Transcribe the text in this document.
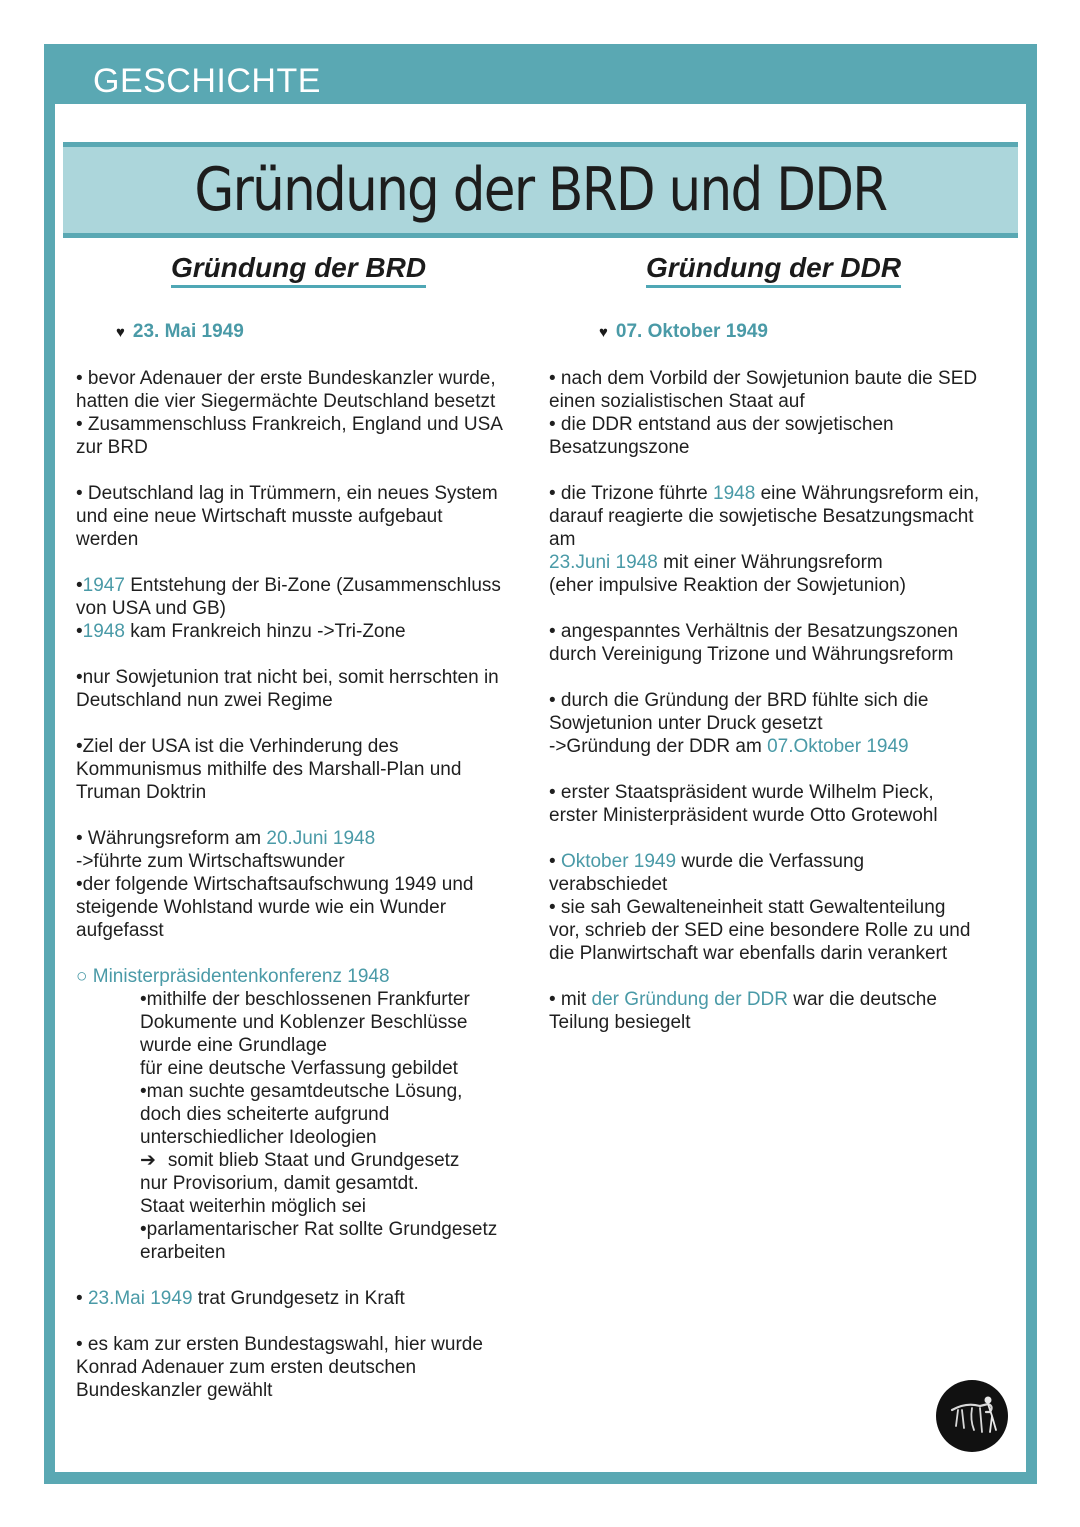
GESCHICHTE
Gründung der BRD und DDR
Gründung der BRD	Gründung der DDR
♥ 23. Mai 1949	♥ 07. Oktober 1949
• bevor Adenauer der erste Bundeskanzler wurde,
hatten die vier Siegermächte Deutschland besetzt
• Zusammenschluss Frankreich, England und USA
zur BRD
• Deutschland lag in Trümmern, ein neues System
und eine neue Wirtschaft musste aufgebaut
werden
•1947 Entstehung der Bi-Zone (Zusammenschluss
von USA und GB)
•1948 kam Frankreich hinzu ->Tri-Zone
•nur Sowjetunion trat nicht bei, somit herrschten in
Deutschland nun zwei Regime
•Ziel der USA ist die Verhinderung des
Kommunismus mithilfe des Marshall-Plan und
Truman Doktrin
• Währungsreform am 20.Juni 1948
->führte zum Wirtschaftswunder
•der folgende Wirtschaftsaufschwung 1949 und
steigende Wohlstand wurde wie ein Wunder
aufgefasst
○ Ministerpräsidentenkonferenz 1948
•mithilfe der beschlossenen Frankfurter
Dokumente und Koblenzer Beschlüsse
wurde eine Grundlage
für eine deutsche Verfassung gebildet
•man suchte gesamtdeutsche Lösung,
doch dies scheiterte aufgrund
unterschiedlicher Ideologien
➔ somit blieb Staat und Grundgesetz
nur Provisorium, damit gesamtdt.
Staat weiterhin möglich sei
•parlamentarischer Rat sollte Grundgesetz
erarbeiten
• 23.Mai 1949 trat Grundgesetz in Kraft
• es kam zur ersten Bundestagswahl, hier wurde
Konrad Adenauer zum ersten deutschen
Bundeskanzler gewählt
• nach dem Vorbild der Sowjetunion baute die SED
einen sozialistischen Staat auf
• die DDR entstand aus der sowjetischen
Besatzungszone
• die Trizone führte 1948 eine Währungsreform ein,
darauf reagierte die sowjetische Besatzungsmacht
am
23.Juni 1948 mit einer Währungsreform
(eher impulsive Reaktion der Sowjetunion)
• angespanntes Verhältnis der Besatzungszonen
durch Vereinigung Trizone und Währungsreform
• durch die Gründung der BRD fühlte sich die
Sowjetunion unter Druck gesetzt
->Gründung der DDR am 07.Oktober 1949
• erster Staatspräsident wurde Wilhelm Pieck,
erster Ministerpräsident wurde Otto Grotewohl
• Oktober 1949 wurde die Verfassung
verabschiedet
• sie sah Gewalteneinheit statt Gewaltenteilung
vor, schrieb der SED eine besondere Rolle zu und
die Planwirtschaft war ebenfalls darin verankert
• mit der Gründung der DDR war die deutsche
Teilung besiegelt
